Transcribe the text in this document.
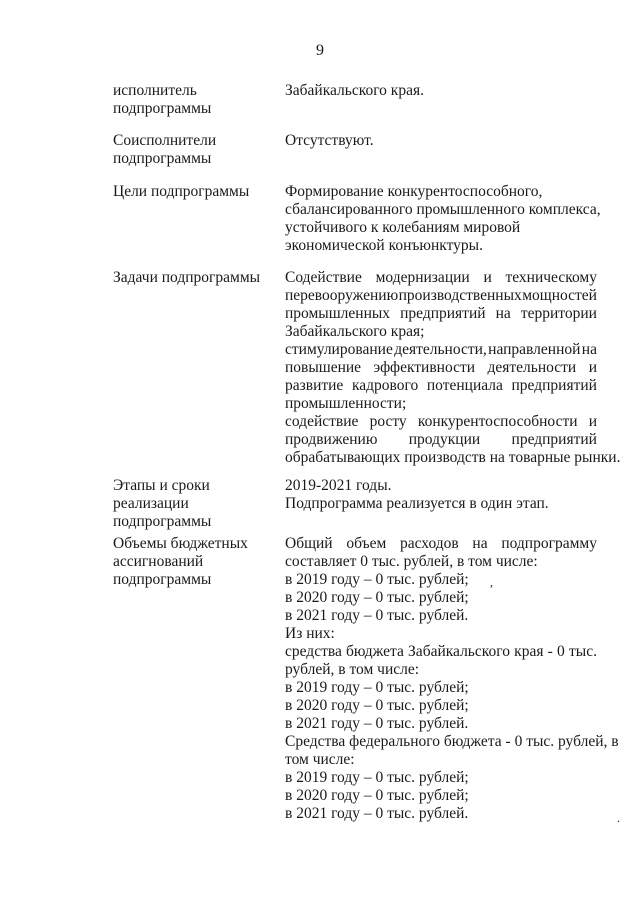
9
исполнитель
подпрограммы
Забайкальского края.
Соисполнители
подпрограммы
Отсутствуют.
Цели подпрограммы	Формирование конкурентоспособного,
сбалансированного промышленного комплекса,
устойчивого к колебаниям мировой
экономической конъюнктуры.
Задачи подпрограммы	Содействие модернизации и техническому
перевооружению производственных мощностей
промышленных предприятий на территории
Забайкальского края;
стимулирование деятельности, направленной на
повышение эффективности деятельности и
развитие кадрового потенциала предприятий
промышленности;
содействие росту конкурентоспособности и
продвижению продукции предприятий
обрабатывающих производств на товарные рынки.
Этапы и сроки
реализации
подпрограммы
2019-2021 годы.
Подпрограмма реализуется в один этап.
Объемы бюджетных
ассигнований
подпрограммы
Общий объем расходов на подпрограмму
составляет 0 тыс. рублей, в том числе:
в 2019 году – 0 тыс. рублей;
в 2020 году – 0 тыс. рублей;
в 2021 году – 0 тыс. рублей.
Из них:
средства бюджета Забайкальского края - 0 тыс.
рублей, в том числе:
в 2019 году – 0 тыс. рублей;
в 2020 году – 0 тыс. рублей;
в 2021 году – 0 тыс. рублей.
Средства федерального бюджета - 0 тыс. рублей, в
том числе:
в 2019 году – 0 тыс. рублей;
в 2020 году – 0 тыс. рублей;
в 2021 году – 0 тыс. рублей.
,
.
